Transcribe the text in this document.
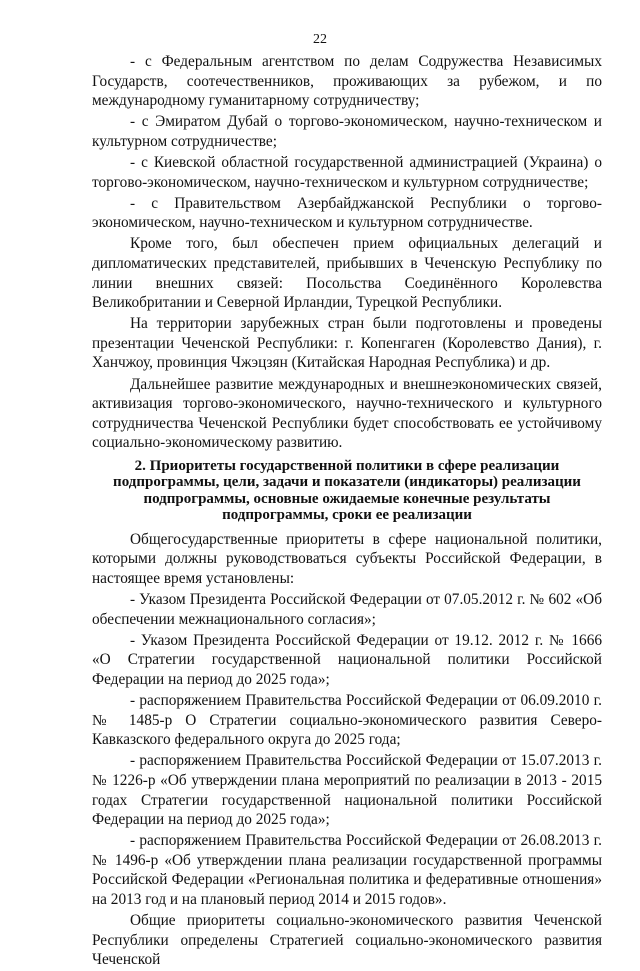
22

- с Федеральным агентством по делам Содружества Независимых Государств, соотечественников, проживающих за рубежом, и по международному гуманитарному сотрудничеству;

- с Эмиратом Дубай о торгово-экономическом, научно-техническом и культурном сотрудничестве;

- с Киевской областной государственной администрацией (Украина) о торгово-экономическом, научно-техническом и культурном сотрудничестве;

- с Правительством Азербайджанской Республики о торгово-экономическом, научно-техническом и культурном сотрудничестве.

Кроме того, был обеспечен прием официальных делегаций и дипломатических представителей, прибывших в Чеченскую Республику по линии внешних связей: Посольства Соединённого Королевства Великобритании и Северной Ирландии, Турецкой Республики.

На территории зарубежных стран были подготовлены и проведены презентации Чеченской Республики: г. Копенгаген (Королевство Дания), г. Ханчжоу, провинция Чжэцзян (Китайская Народная Республика) и др.

Дальнейшее развитие международных и внешнеэкономических связей, активизация торгово-экономического, научно-технического и культурного сотрудничества Чеченской Республики будет способствовать ее устойчивому социально-экономическому развитию.

2. Приоритеты государственной политики в сфере реализации подпрограммы, цели, задачи и показатели (индикаторы) реализации подпрограммы, основные ожидаемые конечные результаты подпрограммы, сроки ее реализации

Общегосударственные приоритеты в сфере национальной политики, которыми должны руководствоваться субъекты Российской Федерации, в настоящее время установлены:

- Указом Президента Российской Федерации от 07.05.2012 г. № 602 «Об обеспечении межнационального согласия»;

- Указом Президента Российской Федерации от 19.12. 2012 г. № 1666 «О Стратегии государственной национальной политики Российской Федерации на период до 2025 года»;

- распоряжением Правительства Российской Федерации от 06.09.2010 г. № 1485-р О Стратегии социально-экономического развития Северо-Кавказского федерального округа до 2025 года;

- распоряжением Правительства Российской Федерации от 15.07.2013 г. № 1226-р «Об утверждении плана мероприятий по реализации в 2013 - 2015 годах Стратегии государственной национальной политики Российской Федерации на период до 2025 года»;

- распоряжением Правительства Российской Федерации от 26.08.2013 г. № 1496-р «Об утверждении плана реализации государственной программы Российской Федерации «Региональная политика и федеративные отношения» на 2013 год и на плановый период 2014 и 2015 годов».

Общие приоритеты социально-экономического развития Чеченской Республики определены Стратегией социально-экономического развития Чеченской
